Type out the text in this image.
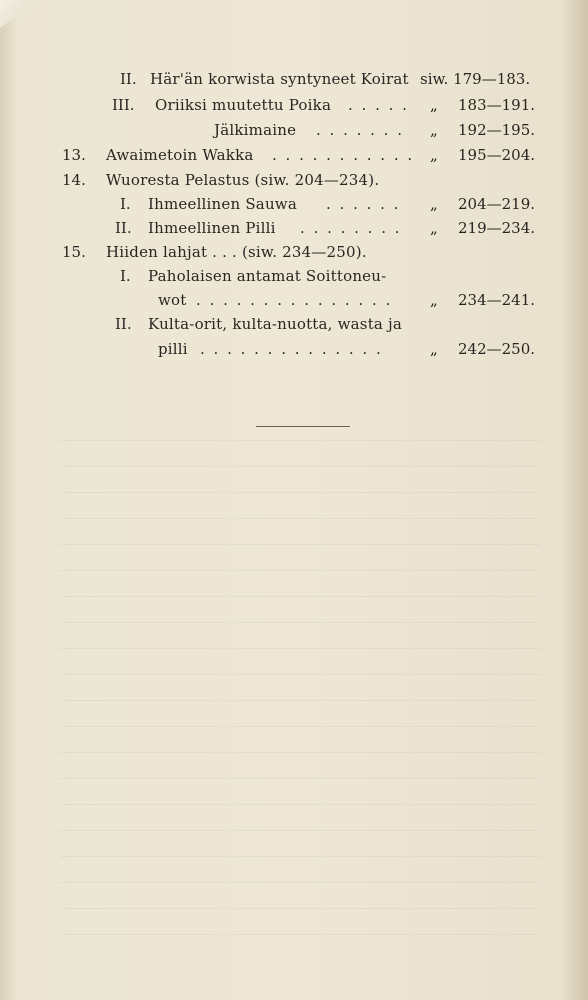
II. Här'än korwista syntyneet Koirat siw. 179—183.
III. Oriiksi muutettu Poika . . . . . „ 183—191.
Jälkimaine . . . . . . . „ 192—195.
13. Awaimetoin Wakka . . . . . . . . . . . „ 195—204.
14. Wuoresta Pelastus (siw. 204—234).
I. Ihmeellinen Sauwa . . . . . . „ 204—219.
II. Ihmeellinen Pilli . . . . . . . . „ 219—234.
15. Hiiden lahjat . . . (siw. 234—250).
I. Paholaisen antamat Soittoneu-
wot . . . . . . . . . . . . . . .	„ 234—241.
II. Kulta-orit, kulta-nuotta, wasta ja
pilli . . . . . . . . . . . . . .	„ 242—250.
